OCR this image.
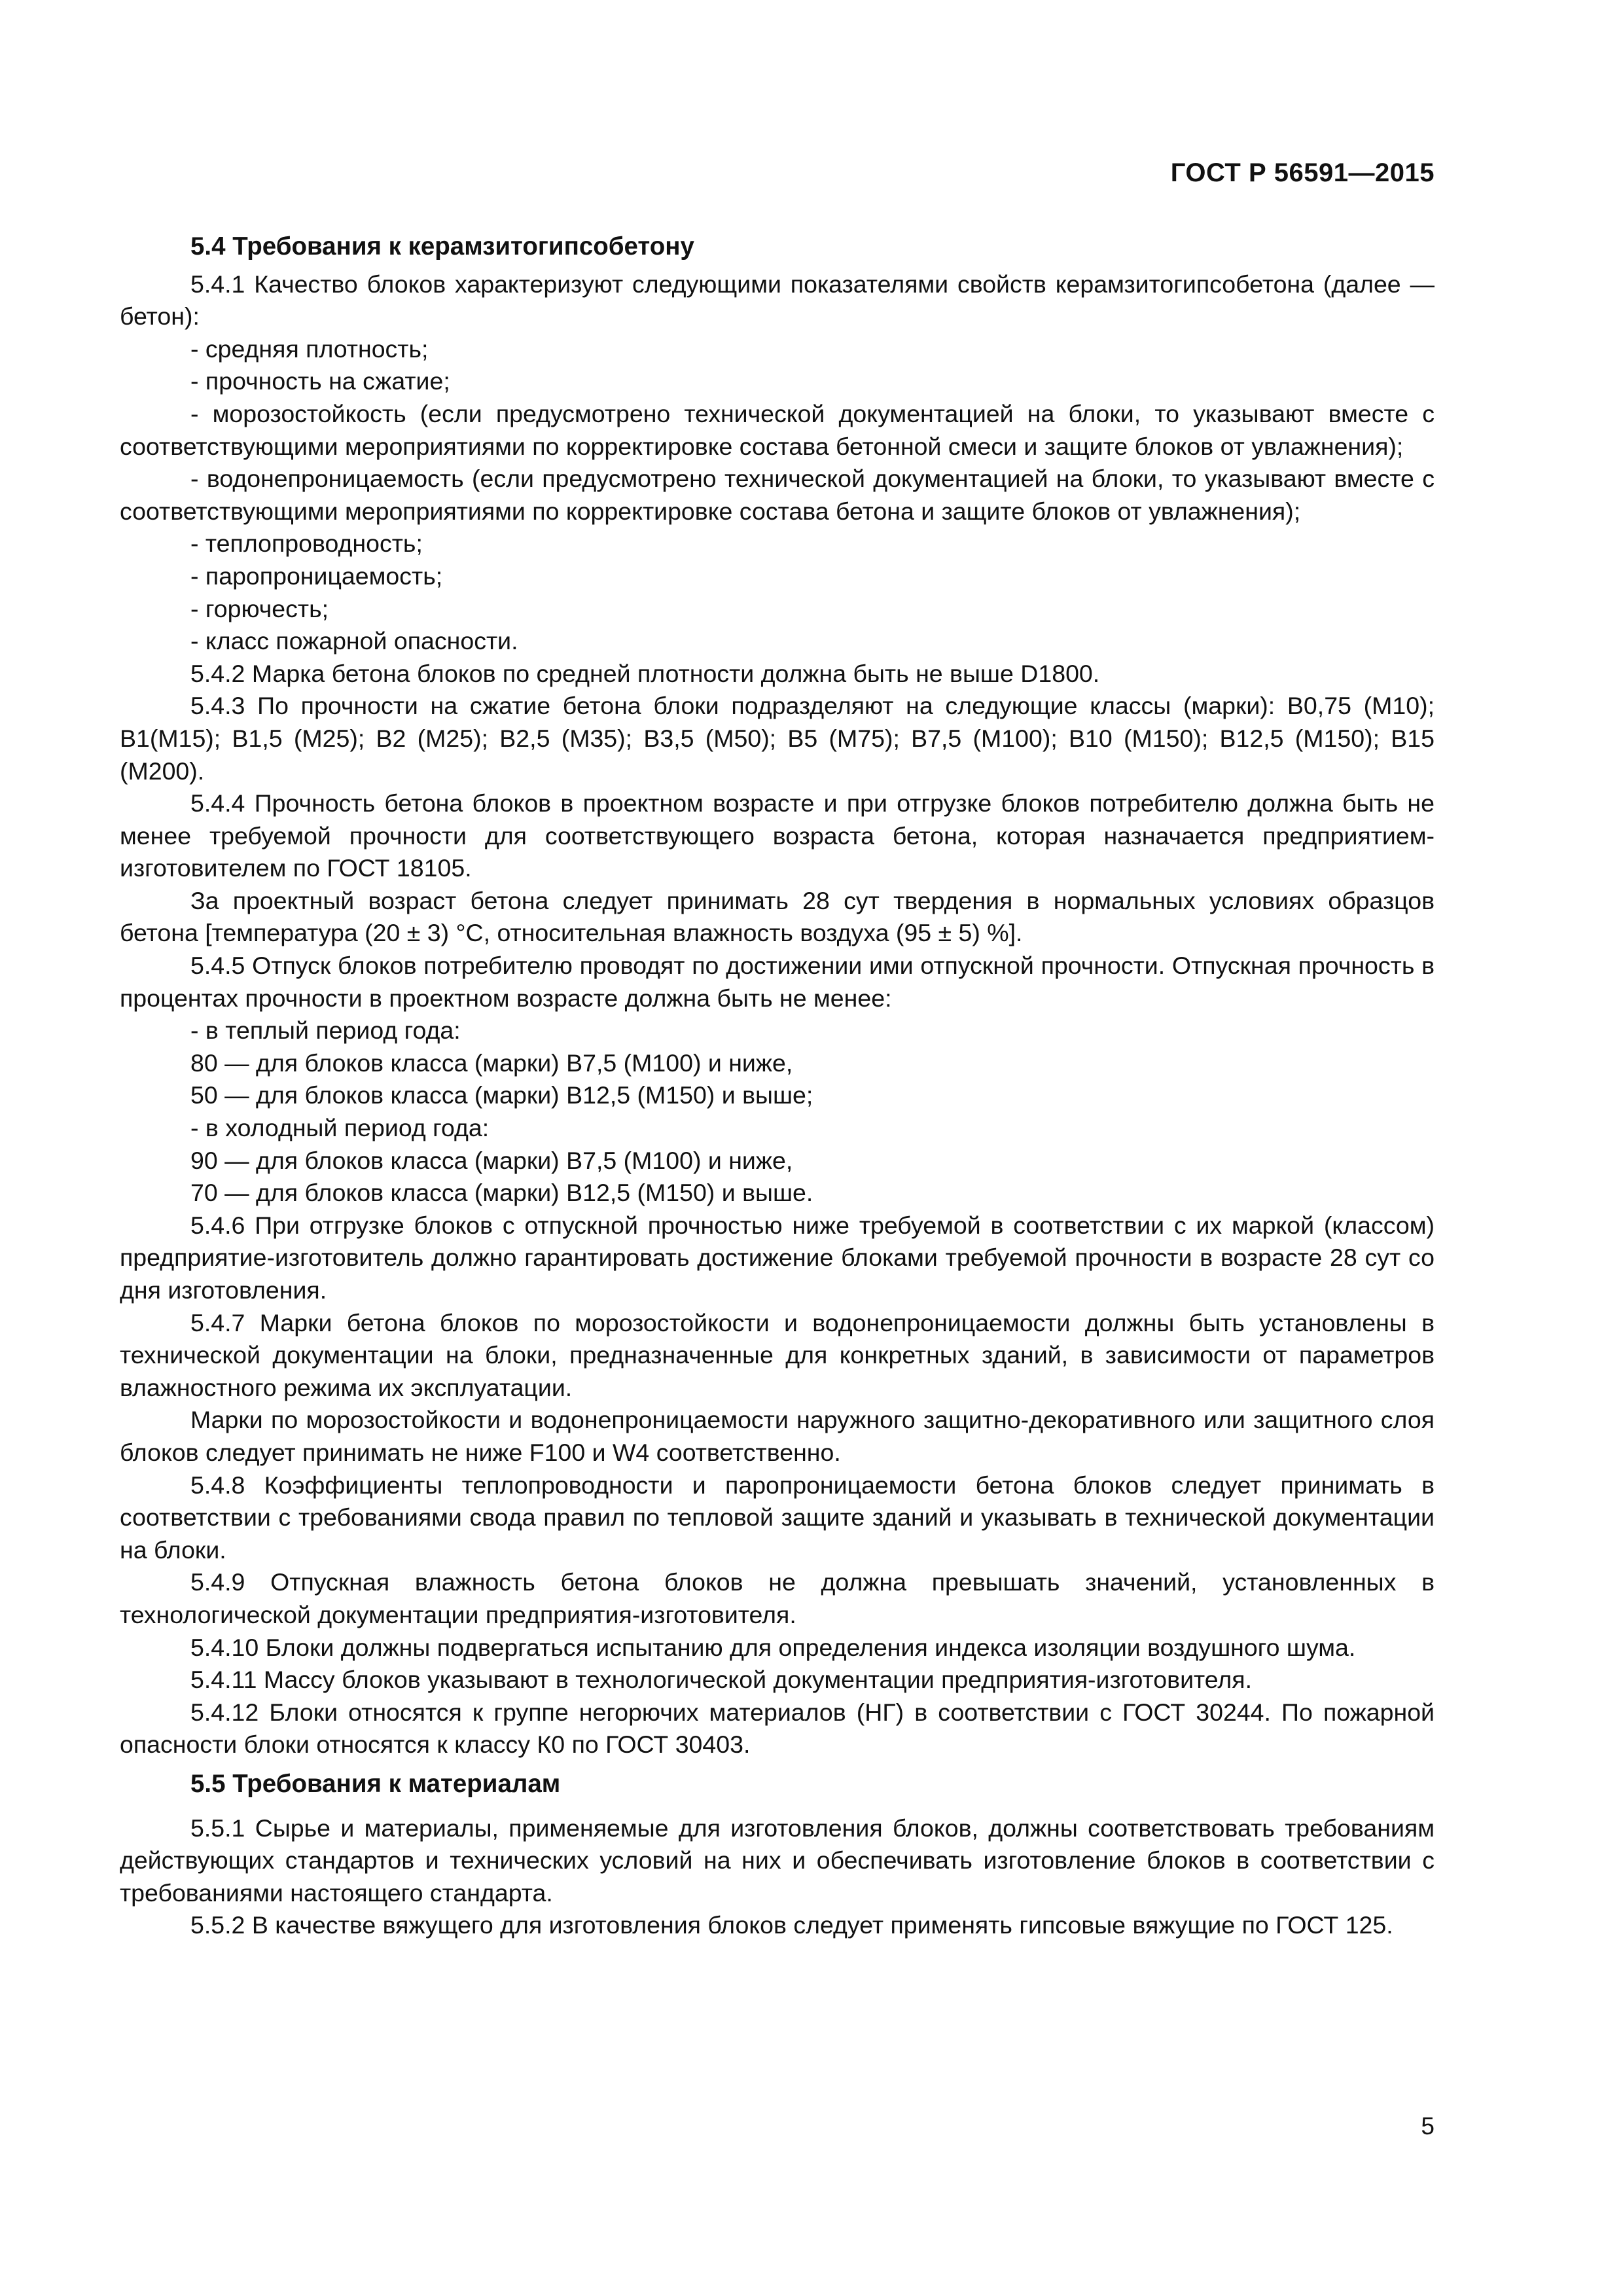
ГОСТ Р 56591—2015
5.4 Требования к керамзитогипсобетону
5.4.1 Качество блоков характеризуют следующими показателями свойств керамзитогипсобетона (далее — бетон):
- средняя плотность;
- прочность на сжатие;
- морозостойкость (если предусмотрено технической документацией на блоки, то указывают вместе с соответствующими мероприятиями по корректировке состава бетонной смеси и защите блоков от увлажнения);
- водонепроницаемость (если предусмотрено технической документацией на блоки, то указывают вместе с соответствующими мероприятиями по корректировке состава бетона и защите блоков от увлажнения);
- теплопроводность;
- паропроницаемость;
- горючесть;
- класс пожарной опасности.
5.4.2 Марка бетона блоков по средней плотности должна быть не выше D1800.
5.4.3 По прочности на сжатие бетона блоки подразделяют на следующие классы (марки): В0,75 (М10); В1(М15); В1,5 (М25); В2 (М25); В2,5 (М35); В3,5 (М50); В5 (М75); В7,5 (М100); В10 (М150); В12,5 (М150); В15 (М200).
5.4.4 Прочность бетона блоков в проектном возрасте и при отгрузке блоков потребителю должна быть не менее требуемой прочности для соответствующего возраста бетона, которая назначается предприятием-изготовителем по ГОСТ 18105.
За проектный возраст бетона следует принимать 28 сут твердения в нормальных условиях образцов бетона [температура (20 ± 3) °С, относительная влажность воздуха (95 ± 5) %].
5.4.5 Отпуск блоков потребителю проводят по достижении ими отпускной прочности. Отпускная прочность в процентах прочности в проектном возрасте должна быть не менее:
- в теплый период года:
80 — для блоков класса (марки) В7,5 (М100) и ниже,
50 — для блоков класса (марки) В12,5 (М150) и выше;
- в холодный период года:
90 — для блоков класса (марки) В7,5 (М100) и ниже,
70 — для блоков класса (марки) В12,5 (М150) и выше.
5.4.6 При отгрузке блоков с отпускной прочностью ниже требуемой в соответствии с их маркой (классом) предприятие-изготовитель должно гарантировать достижение блоками требуемой прочности в возрасте 28 сут со дня изготовления.
5.4.7 Марки бетона блоков по морозостойкости и водонепроницаемости должны быть установлены в технической документации на блоки, предназначенные для конкретных зданий, в зависимости от параметров влажностного режима их эксплуатации.
Марки по морозостойкости и водонепроницаемости наружного защитно-декоративного или защитного слоя блоков следует принимать не ниже F100 и W4 соответственно.
5.4.8 Коэффициенты теплопроводности и паропроницаемости бетона блоков следует принимать в соответствии с требованиями свода правил по тепловой защите зданий и указывать в технической документации на блоки.
5.4.9 Отпускная влажность бетона блоков не должна превышать значений, установленных в технологической документации предприятия-изготовителя.
5.4.10 Блоки должны подвергаться испытанию для определения индекса изоляции воздушного шума.
5.4.11 Массу блоков указывают в технологической документации предприятия-изготовителя.
5.4.12 Блоки относятся к группе негорючих материалов (НГ) в соответствии с ГОСТ 30244. По пожарной опасности блоки относятся к классу К0 по ГОСТ 30403.
5.5 Требования к материалам
5.5.1 Сырье и материалы, применяемые для изготовления блоков, должны соответствовать требованиям действующих стандартов и технических условий на них и обеспечивать изготовление блоков в соответствии с требованиями настоящего стандарта.
5.5.2 В качестве вяжущего для изготовления блоков следует применять гипсовые вяжущие по ГОСТ 125.
5
